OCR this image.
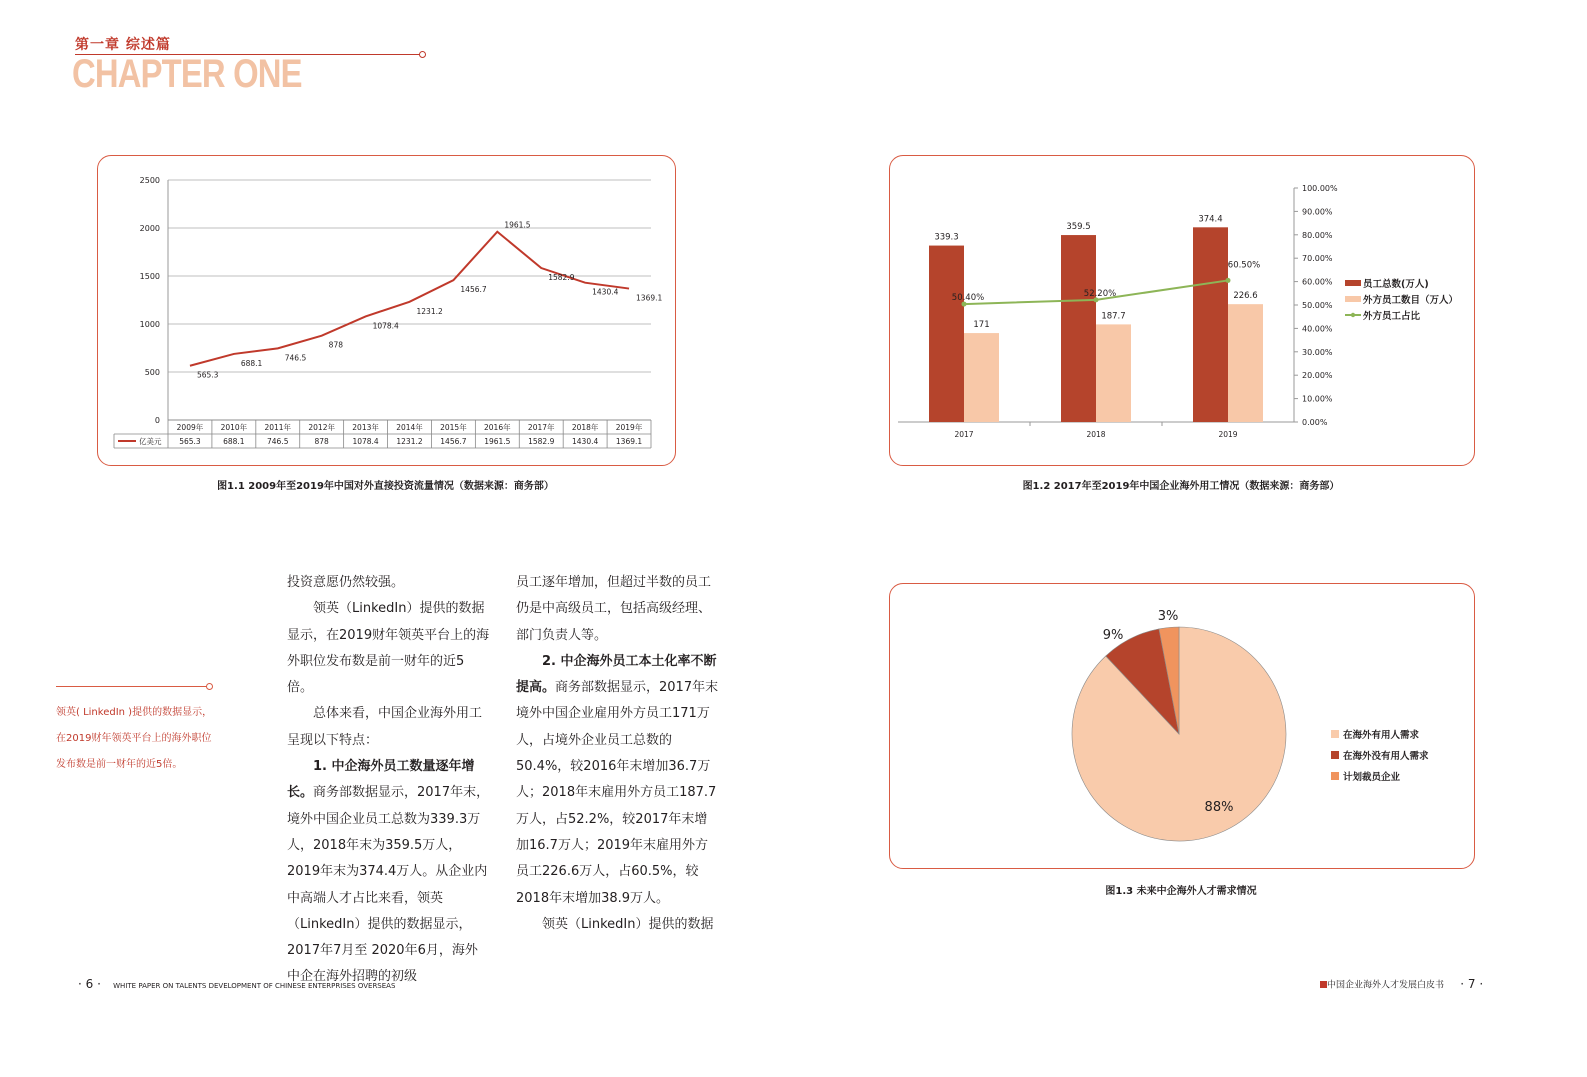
第一章 综述篇
CHAPTER ONE
0
500
1000
1500
2000
2500
565.3
688.1
746.5
878
1078.4
1231.2
1456.7
1961.5
1582.9
1430.4
1369.1
2009年
565.3
2010年
688.1
2011年
746.5
2012年
878
2013年
1078.4
2014年
1231.2
2015年
1456.7
2016年
1961.5
2017年
1582.9
2018年
1430.4
2019年
1369.1
亿美元
图1.1 2009年至2019年中国对外直接投资流量情况（数据来源：商务部）
0.00%
10.00%
20.00%
30.00%
40.00%
50.00%
60.00%
70.00%
80.00%
90.00%
100.00%
339.3
171
2017
359.5
187.7
2018
374.4
226.6
2019
50.40%	52.20%
60.50%
员工总数(万人)
外方员工数目（万人）
外方员工占比
图1.2 2017年至2019年中国企业海外用工情况（数据来源：商务部）
88%
9%
3%
在海外有用人需求
在海外没有用人需求
计划裁员企业
图1.3 未来中企海外人才需求情况
领英( LinkedIn )提供的数据显示，在2019财年领英平台上的海外职位发布数是前一财年的近5倍。

投资意愿仍然较强。

领英（LinkedIn）提供的数据显示，在2019财年领英平台上的海外职位发布数是前一财年的近5倍。

总体来看，中国企业海外用工呈现以下特点：

1. 中企海外员工数量逐年增长。商务部数据显示，2017年末，境外中国企业员工总数为339.3万人，2018年末为359.5万人，2019年末为374.4万人。从企业内中高端人才占比来看，领英（LinkedIn）提供的数据显示，2017年7月至 2020年6月，海外中企在海外招聘的初级

员工逐年增加，但超过半数的员工仍是中高级员工，包括高级经理、部门负责人等。

2. 中企海外员工本土化率不断提高。商务部数据显示，2017年末境外中国企业雇用外方员工171万人，占境外企业员工总数的50.4%，较2016年末增加36.7万人；2018年末雇用外方员工187.7万人，占52.2%，较2017年末增加16.7万人；2019年末雇用外方员工226.6万人，占60.5%，较2018年末增加38.9万人。

领英（LinkedIn）提供的数据

· 6 · WHITE PAPER ON TALENTS DEVELOPMENT OF CHINESE ENTERPRISES OVERSEAS	中国企业海外人才发展白皮书 · 7 ·
